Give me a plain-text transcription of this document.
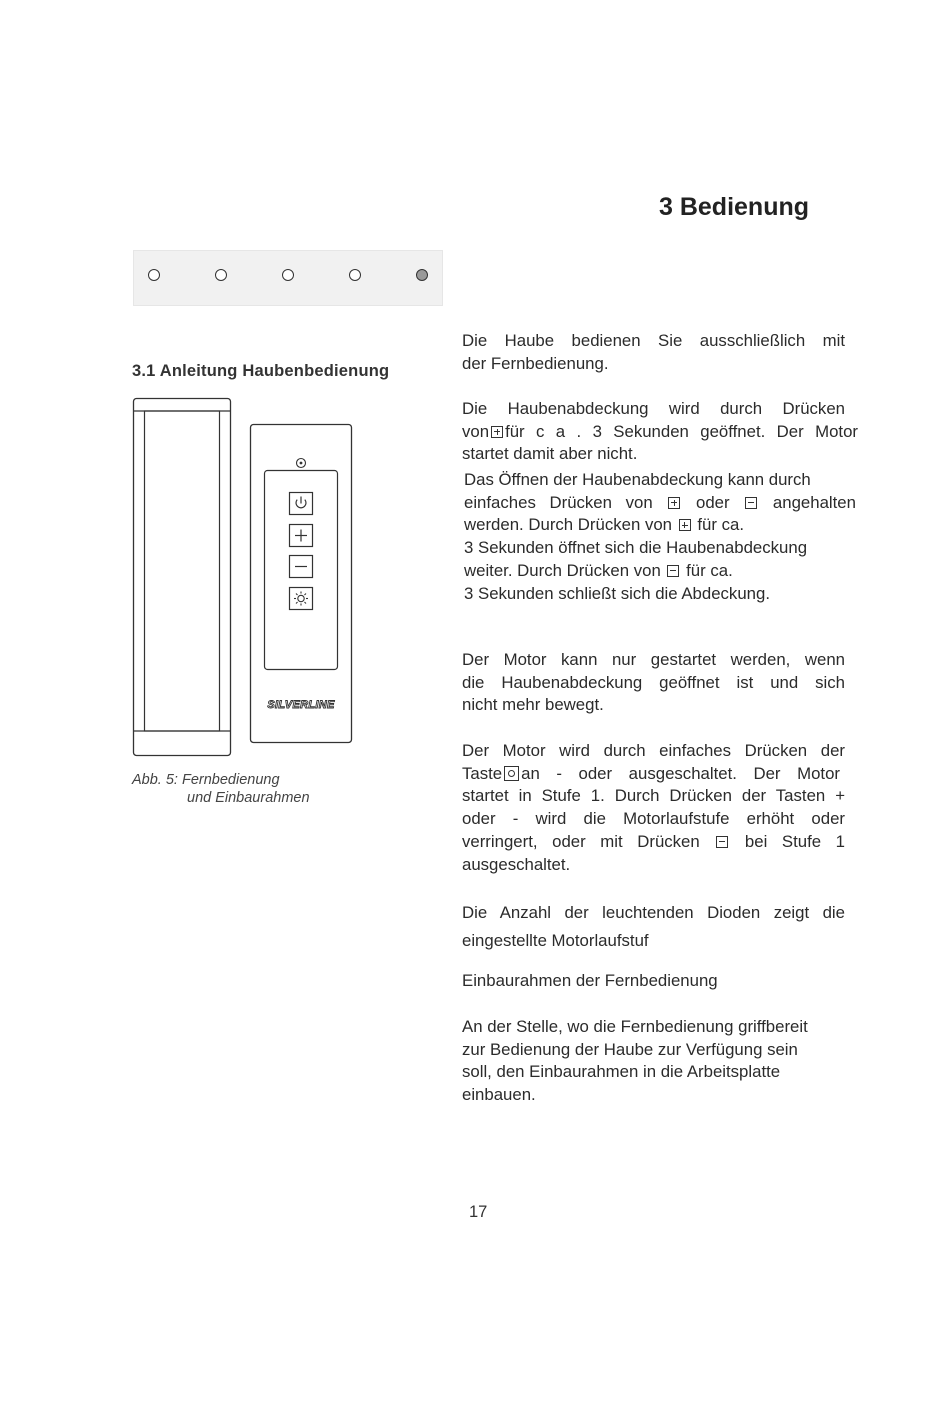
3 Bedienung
3.1 Anleitung Haubenbedienung
SILVERLINE
Abb. 5: Fernbedienung
und Einbaurahmen
Die Haube bedienen Sie ausschließlich mit
der Fernbedienung.
Die Haubenabdeckung wird durch Drücken
von für c a . 3 Sekunden geöffnet. Der Motor
startet damit aber nicht.
Das Öffnen der Haubenabdeckung kann durch
einfaches Drücken von	oder	angehalten
werden. Durch Drücken von für ca.
3 Sekunden öffnet sich die Haubenabdeckung
weiter. Durch Drücken von für ca.
3 Sekunden schließt sich die Abdeckung.
Der Motor kann nur gestartet werden, wenn
die Haubenabdeckung geöffnet ist und sich
nicht mehr bewegt.
Der Motor wird durch einfaches Drücken der
Taste an - oder ausgeschaltet. Der Motor
startet in Stufe 1. Durch Drücken der Tasten +
oder - wird die Motorlaufstufe erhöht oder
verringert, oder mit Drücken	bei Stufe 1
ausgeschaltet.
Die Anzahl der leuchtenden Dioden zeigt die
eingestellte Motorlaufstuf
Einbaurahmen der Fernbedienung
An der Stelle, wo die Fernbedienung griffbereit
zur Bedienung der Haube zur Verfügung sein
soll, den Einbaurahmen in die Arbeitsplatte
einbauen.
17
